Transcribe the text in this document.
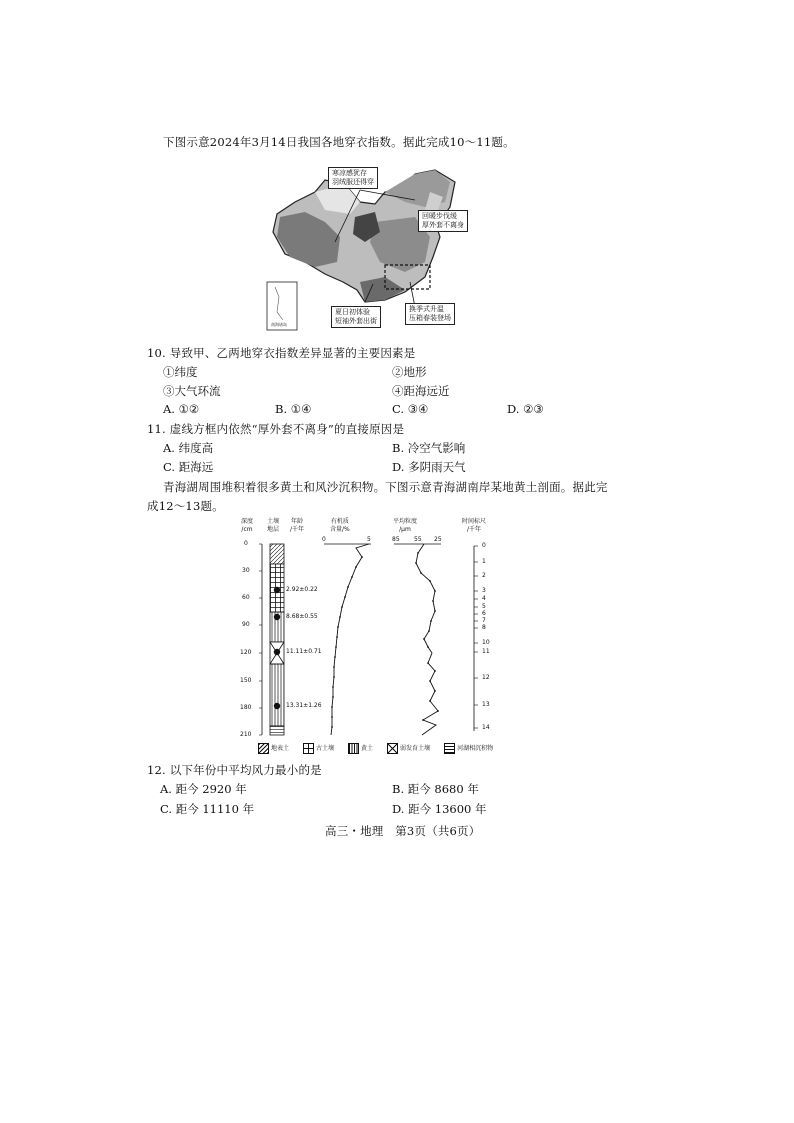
下图示意2024年3月14日我国各地穿衣指数。据此完成10～11题。
寒凉感犹存
羽绒服还得穿
回暖步伐缓
厚外套不离身
夏日初体验
短袖外套出街
换季式升温
压箱春装登场
南海诸岛
10. 导致甲、乙两地穿衣指数差异显著的主要因素是
①纬度	②地形
③大气环流	④距海远近
A. ①②	B. ①④	C. ③④	D. ②③
11. 虚线方框内依然“厚外套不离身”的直接原因是
A. 纬度高	B. 冷空气影响
C. 距海远	D. 多阴雨天气
青海湖周围堆积着很多黄土和风沙沉积物。下图示意青海湖南岸某地黄土剖面。据此完
成12～13题。
深度
/cm
土壤
地层
年龄
/千年
有机质
含量/%
平均粒度
/μm
时间标尺
/千年
0	5	85 55 25
0
30
60
90
120
150
180
210
2.92±0.22
8.68±0.55
11.11±0.71
13.31±1.26
0
1
2
3
4
5
6
7
8
10
11
12
13
14
地表土	古土壤	黄土	弱发育土壤	河湖相沉积物
12. 以下年份中平均风力最小的是
A. 距今 2920 年	B. 距今 8680 年
C. 距今 11110 年	D. 距今 13600 年
高三・地理　第3页（共6页）
